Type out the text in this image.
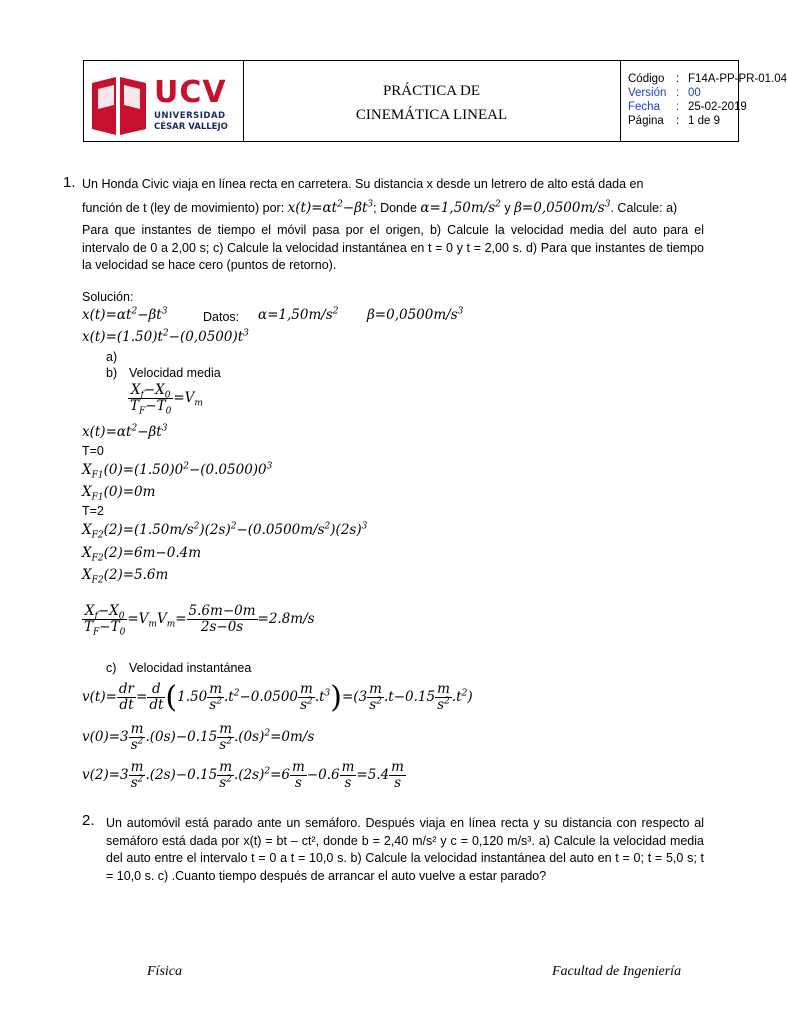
UCV
UNIVERSIDAD
CÉSAR VALLEJO
PRÁCTICA DE
CINEMÁTICA LINEAL
Código : F14A-PP-PR-01.04
Versión : 00
Fecha : 25-02-2019
Página : 1 de 9
1. Un Honda Civic viaja en línea recta en carretera. Su distancia x desde un letrero de alto está dada en
función de t (ley de movimiento) por: $x(t)=\alpha t^2-\beta t^3$; Donde $\alpha=1,50m/s^2$ y $\beta=0,0500m/s^3$. Calcule: a)
Para que instantes de tiempo el móvil pasa por el origen, b) Calcule la velocidad media del auto para el intervalo de 0 a 2,00 s; c) Calcule la velocidad instantánea en t = 0 y t = 2,00 s. d) Para que instantes de tiempo la velocidad se hace cero (puntos de retorno).
Solución:
$x(t)=\alpha t^2-\beta t^3$	Datos: $\alpha=1,50m/s^2$ $\beta=0,0500m/s^3$
$x(t)=(1.50)t^2-(0,0500)t^3$
a)
b) Velocidad media
$\frac{X_f-X_0}{T_F-T_0} =V_m$
$x(t)=\alpha t^2-\beta t^3$
T=0
$X_{F1}(0)=(1.50)0^2-(0.0500)0^3$
$X_{F1}(0)=0m$
T=2
$X_{F2}(2)=(1.50m/s^2)(2s)^2-(0.0500m/s^2)(2s)^3$
$X_{F2}(2)=6m-0.4m$
$X_{F2}(2)=5.6m$
$\frac{X_f-X_0}{T_F-T_0} =V_mV_m= \frac{5.6m-0m}{2s-0s} =2.8m/s$
c) Velocidad instantánea
$v(t)= \frac{dr}{dt} = \frac{d}{dt} (1.50 \frac{m}{s^2} .t^2-0.0500 \frac{m}{s^2} .t^3)=(3 \frac{m}{s^2} .t-0.15 \frac{m}{s^2} .t^2)$
$v(0)=3 \frac{m}{s^2} .(0s)-0.15 \frac{m}{s^2} .(0s)^2=0m/s$
$v(2)=3 \frac{m}{s^2} .(2s)-0.15 \frac{m}{s^2} .(2s)^2=6 \frac{m}{s} -0.6 \frac{m}{s} =5.4 \frac{m}{s}$
2. Un automóvil está parado ante un semáforo. Después viaja en línea recta y su distancia con respecto al semáforo está dada por x(t) = bt – ct², donde b = 2,40 m/s² y c = 0,120 m/s³. a) Calcule la velocidad media del auto entre el intervalo t = 0 a t = 10,0 s. b) Calcule la velocidad instantánea del auto en t = 0; t = 5,0 s; t = 10,0 s. c) .Cuanto tiempo después de arrancar el auto vuelve a estar parado?
Física	Facultad de Ingeniería
